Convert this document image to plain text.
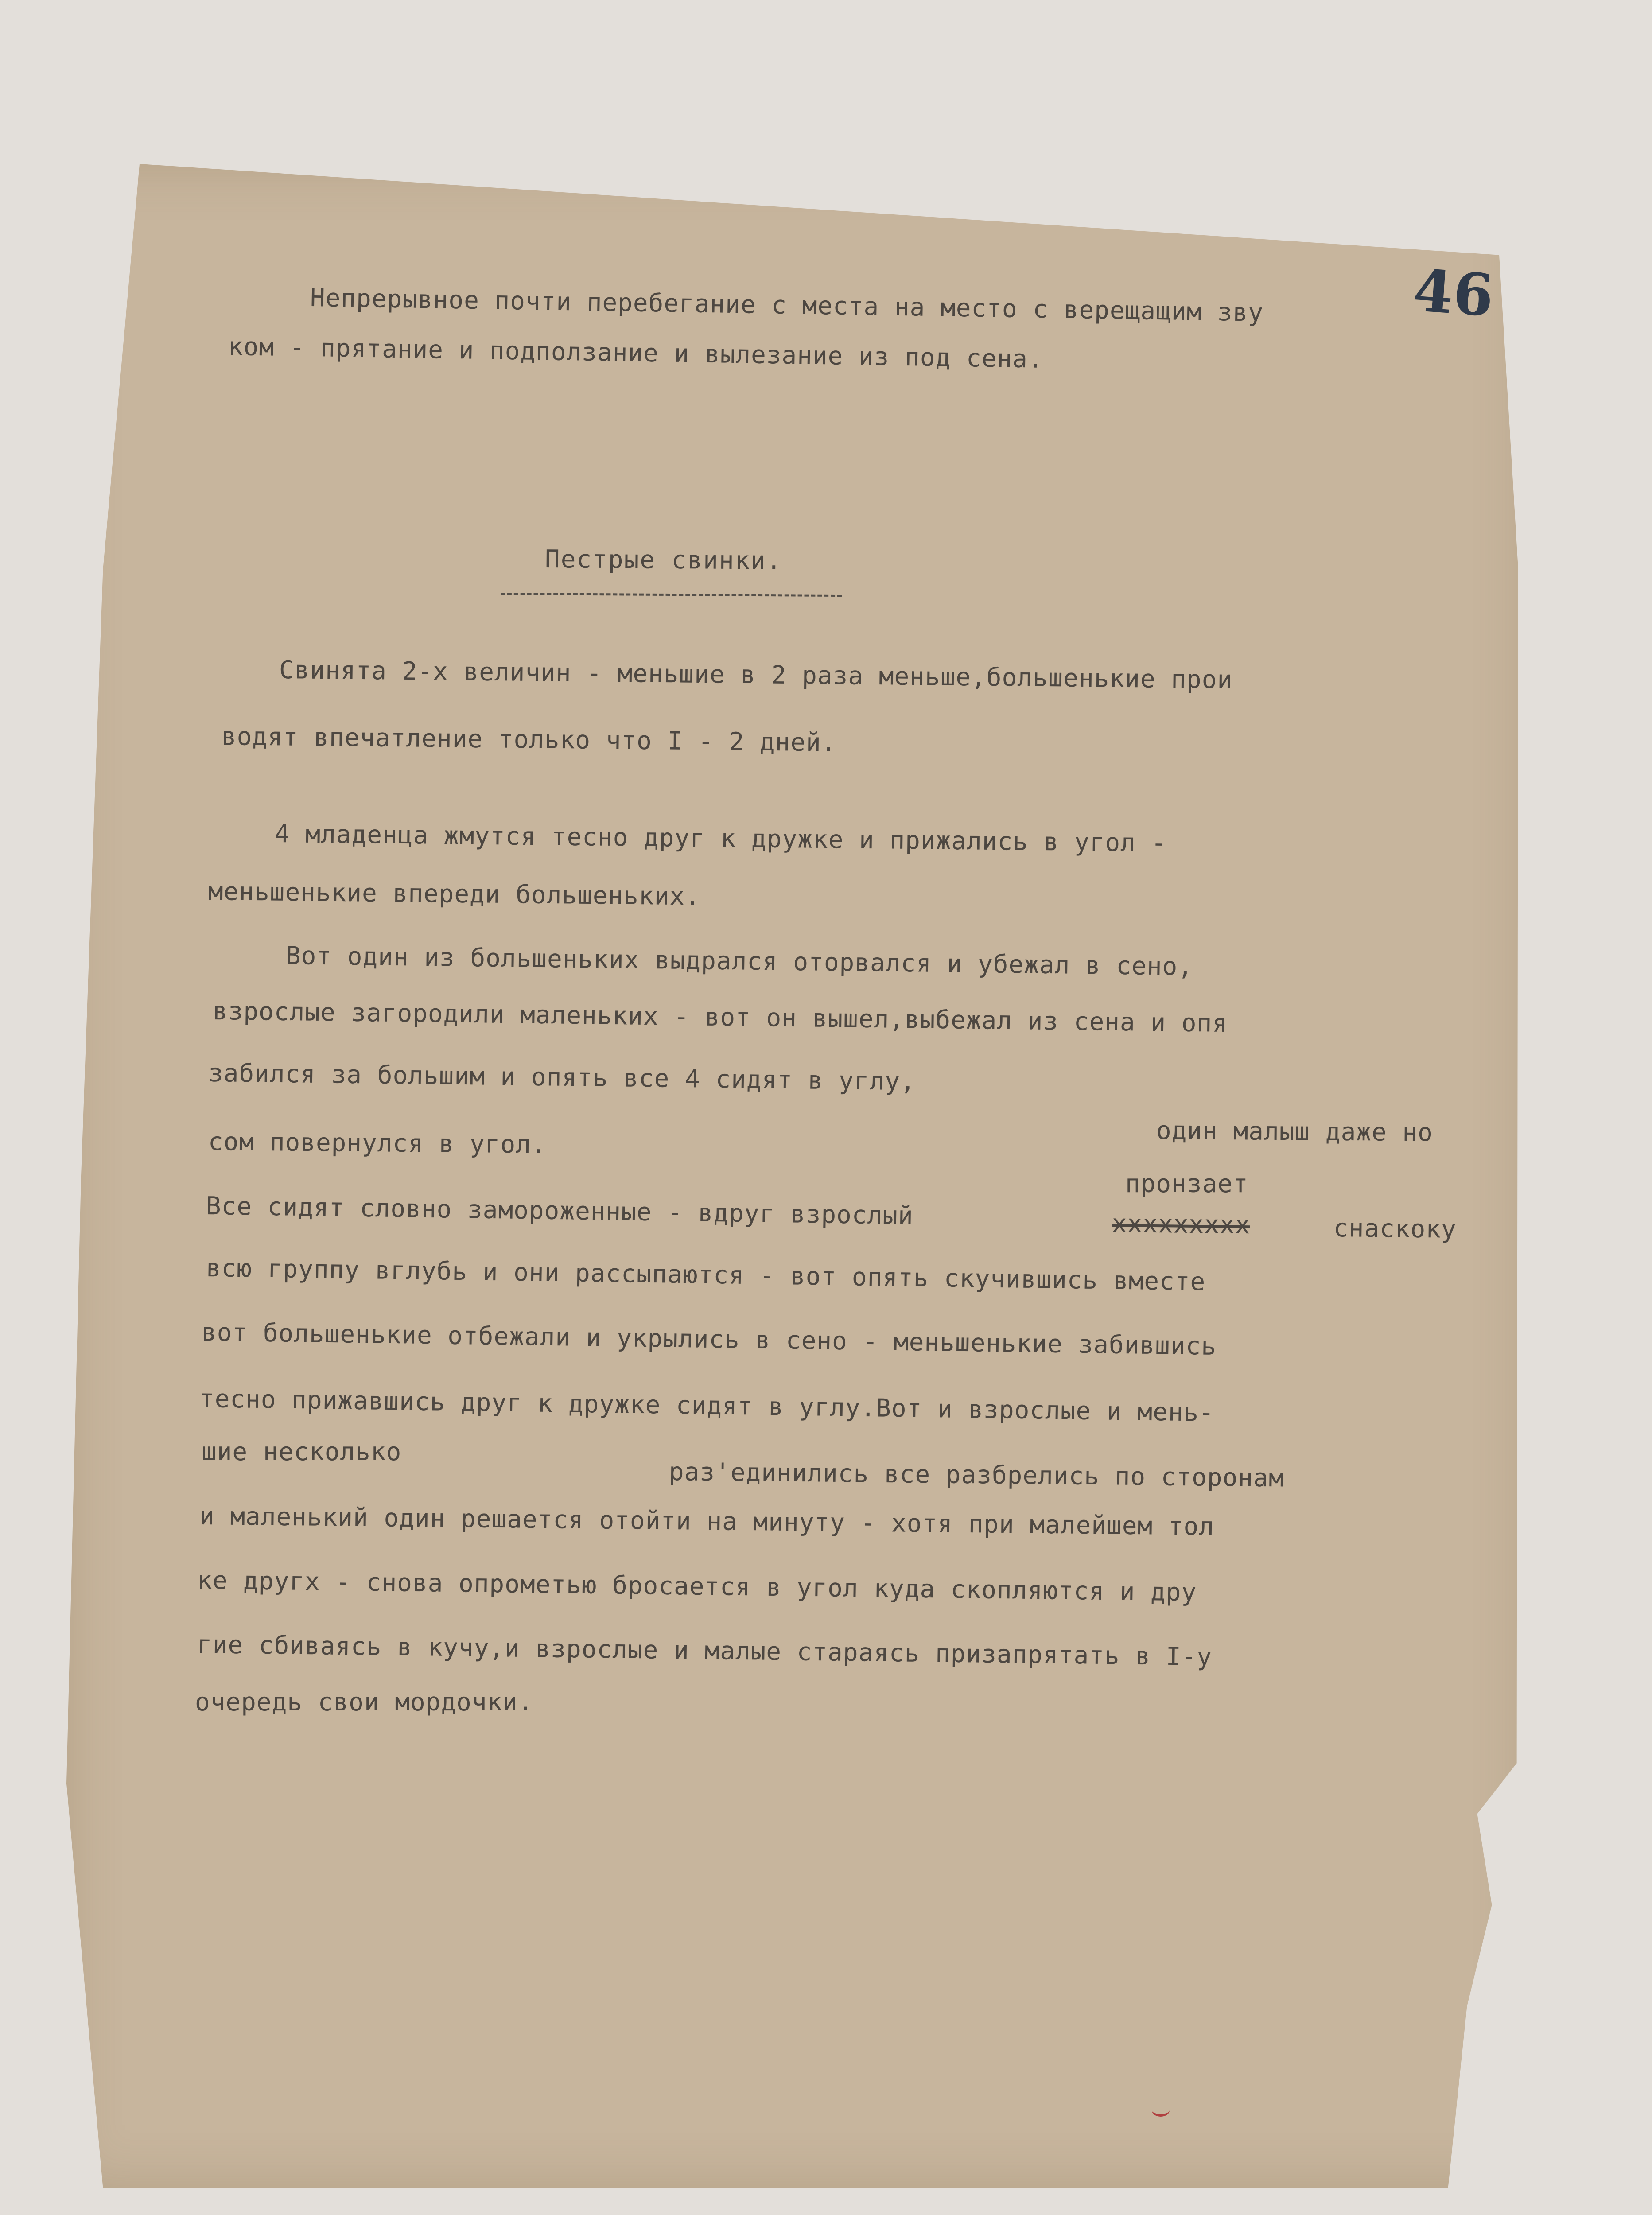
46
Непрерывное почти перебегание с места на место с верещащим зву
ком - прятание и подползание и вылезание из под сена.
Пестрые свинки.
Свинята 2-х величин - меньшие в 2 раза меньше,большенькие прои
водят впечатление только что I - 2 дней.
4 младенца жмутся тесно друг к дружке и прижались в угол -
меньшенькие впереди большеньких.
Вот один из большеньких выдрался оторвался и убежал в сено,
взрослые загородили маленьких - вот он вышел,выбежал из сена и опя
забился за большим и опять все 4 сидят в углу,
один малыш даже но
сом повернулся в угол.
пронзает
Все сидят словно замороженные - вдруг взрослый	xxxxxxxxx	снаскоку
всю группу вглубь и они рассыпаются - вот опять скучившись вместе
вот большенькие отбежали и укрылись в сено - меньшенькие забившись
тесно прижавшись друг к дружке сидят в углу.Вот и взрослые и мень-
шие несколько
раз'единились все разбрелись по сторонам
и маленький один решается отойти на минуту - хотя при малейшем тол
ке другх - снова опрометью бросается в угол куда скопляются и дру
гие сбиваясь в кучу,и взрослые и малые стараясь призапрятать в I-у
очередь свои мордочки.
